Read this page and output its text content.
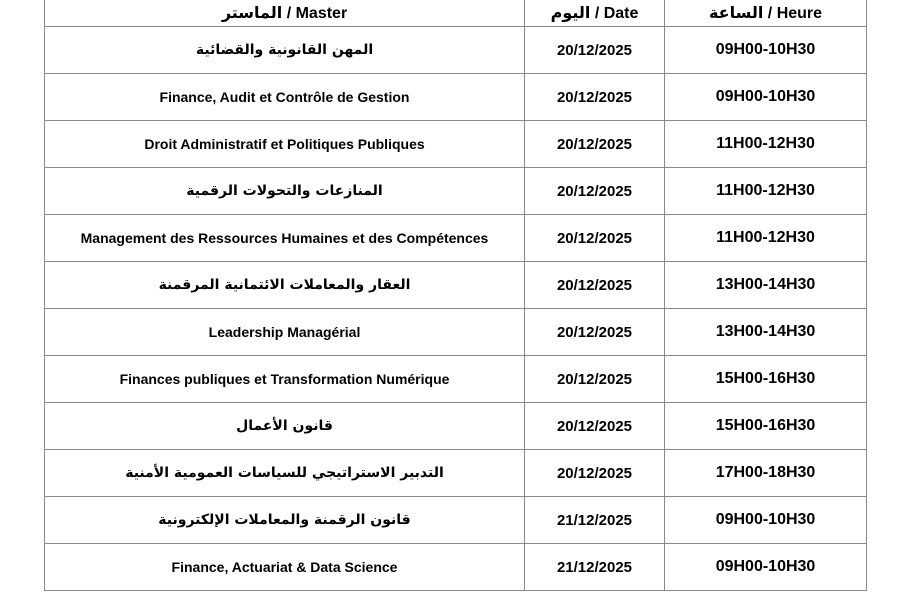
الماستر / Master	اليوم / Date	الساعة / Heure
المهن القانونية والقضائية	20/12/2025	09H00-10H30
Finance, Audit et Contrôle de Gestion	20/12/2025	09H00-10H30
Droit Administratif et Politiques Publiques	20/12/2025	11H00-12H30
المنازعات والتحولات الرقمية	20/12/2025	11H00-12H30
Management des Ressources Humaines et des Compétences	20/12/2025	11H00-12H30
العقار والمعاملات الائتمانية المرقمنة	20/12/2025	13H00-14H30
Leadership Managérial	20/12/2025	13H00-14H30
Finances publiques et Transformation Numérique	20/12/2025	15H00-16H30
قانون الأعمال	20/12/2025	15H00-16H30
التدبير الاستراتيجي للسياسات العمومية الأمنية	20/12/2025	17H00-18H30
قانون الرقمنة والمعاملات الإلكترونية	21/12/2025	09H00-10H30
Finance, Actuariat & Data Science	21/12/2025	09H00-10H30
